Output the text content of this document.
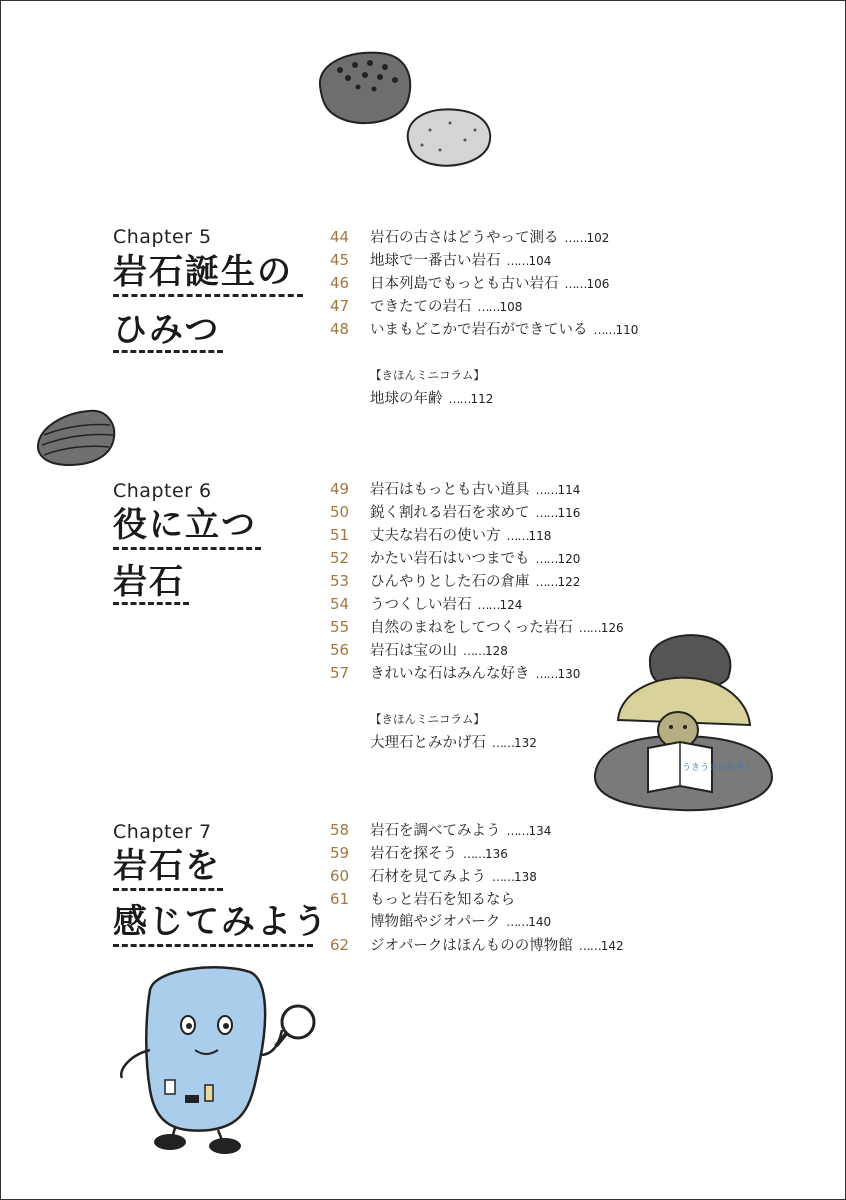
うきうきのれきし
Chapter 5
岩石誕生の
ひみつ
44 岩石の古さはどうやって測る …… 102
45 地球で一番古い岩石 …… 104
46 日本列島でもっとも古い岩石 …… 106
47 できたての岩石 …… 108
48 いまもどこかで岩石ができている …… 110
【きほんミニコラム】
地球の年齢 …… 112
Chapter 6
役に立つ
岩石
49 岩石はもっとも古い道具 …… 114
50 鋭く割れる岩石を求めて …… 116
51 丈夫な岩石の使い方 …… 118
52 かたい岩石はいつまでも …… 120
53 ひんやりとした石の倉庫 …… 122
54 うつくしい岩石 …… 124
55 自然のまねをしてつくった岩石 …… 126
56 岩石は宝の山 …… 128
57 きれいな石はみんな好き …… 130
【きほんミニコラム】
大理石とみかげ石 …… 132
Chapter 7
岩石を
感じてみよう
58 岩石を調べてみよう …… 134
59 岩石を探そう …… 136
60 石材を見てみよう …… 138
61 もっと岩石を知るなら
博物館やジオパーク …… 140
62 ジオパークはほんものの博物館 …… 142
